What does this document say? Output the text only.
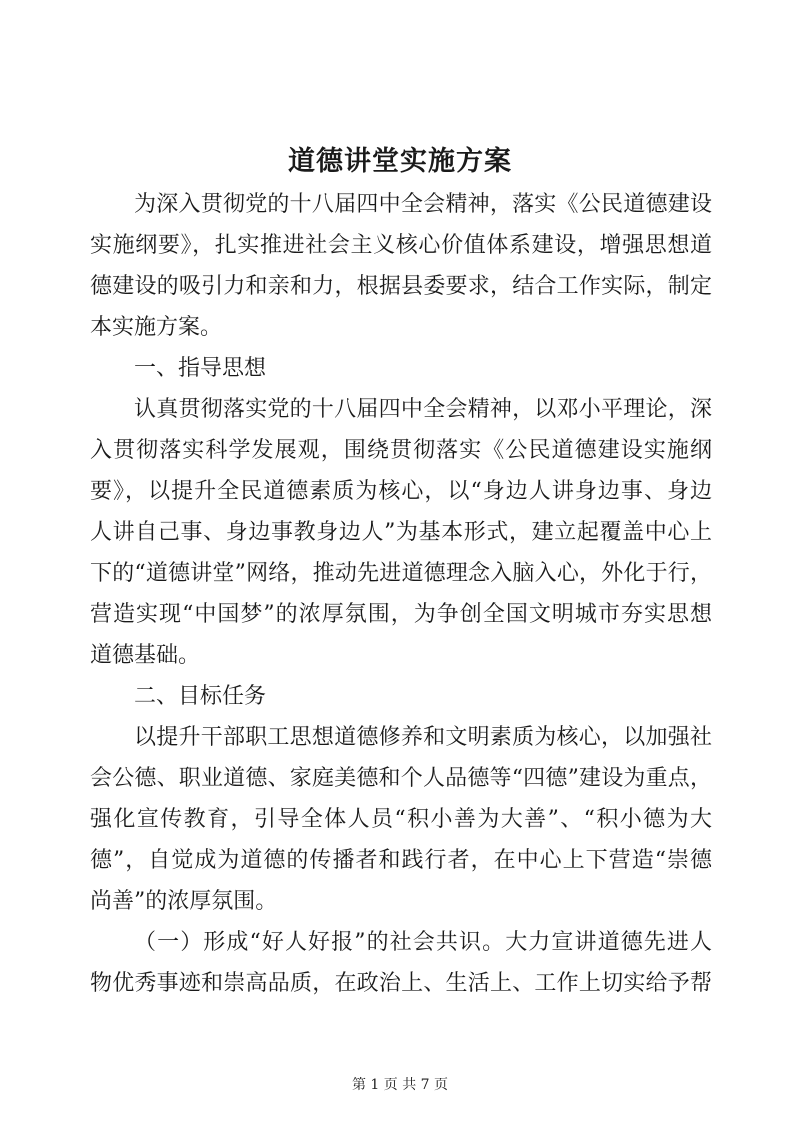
道德讲堂实施方案
为深入贯彻党的十八届四中全会精神，落实《公民道德建设
实施纲要》，扎实推进社会主义核心价值体系建设，增强思想道
德建设的吸引力和亲和力，根据县委要求，结合工作实际，制定
本实施方案。
一、指导思想
认真贯彻落实党的十八届四中全会精神，以邓小平理论，深
入贯彻落实科学发展观，围绕贯彻落实《公民道德建设实施纲
要》，以提升全民道德素质为核心，以“身边人讲身边事、身边
人讲自己事、身边事教身边人”为基本形式，建立起覆盖中心上
下的“道德讲堂”网络，推动先进道德理念入脑入心，外化于行，
营造实现“中国梦”的浓厚氛围，为争创全国文明城市夯实思想
道德基础。
二、目标任务
以提升干部职工思想道德修养和文明素质为核心，以加强社
会公德、职业道德、家庭美德和个人品德等“四德”建设为重点，
强化宣传教育，引导全体人员“积小善为大善”、“积小德为大
德”，自觉成为道德的传播者和践行者，在中心上下营造“崇德
尚善”的浓厚氛围。
（一）形成“好人好报”的社会共识。大力宣讲道德先进人
物优秀事迹和崇高品质，在政治上、生活上、工作上切实给予帮
第 1 页 共 7 页
